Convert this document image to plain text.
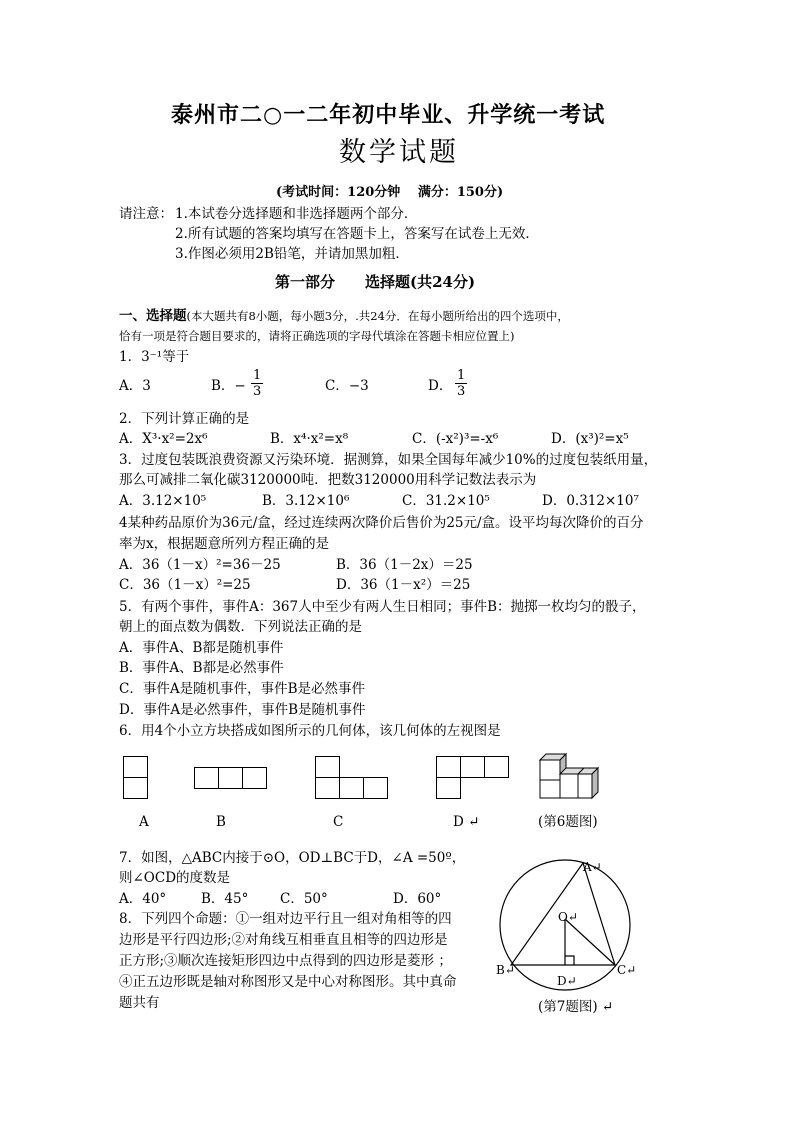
泰州市二○一二年初中毕业、升学统一考试
数学试题
(考试时间：120分钟　 满分：150分)
请注意： 1.本试卷分选择题和非选择题两个部分．
2.所有试题的答案均填写在答题卡上，答案写在试卷上无效．
3.作图必须用2B铅笔，并请加黑加粗．
第一部分　　选择题(共24分)
一、选择题(本大题共有8小题，每小题3分，.共24分．在每小题所给出的四个选项中，
恰有一项是符合题目要求的，请将正确选项的字母代填涂在答题卡相应位置上)
1．3⁻¹等于
A．3	B．−
1
3	C．−3	D．
1
3
2．下列计算正确的是
A．X³·x²=2x⁶	B．x⁴·x²=x⁸	C．(-x²)³=-x⁶	D．(x³)²=x⁵
3．过度包装既浪费资源又污染环境．据测算，如果全国每年减少10%的过度包装纸用量，
那么可减排二氧化碳3120000吨．把数3120000用科学记数法表示为
A．3.12×10⁵	B．3.12×10⁶	C．31.2×10⁵	D．0.312×10⁷
4某种药品原价为36元/盒，经过连续两次降价后售价为25元/盒。设平均每次降价的百分
率为x，根据题意所列方程正确的是
A．36（1－x）²=36－25	B．36（1－2x）＝25
C．36（1－x）²=25	D．36（1－x²）＝25
5．有两个事件，事件A：367人中至少有两人生日相同；事件B：抛掷一枚均匀的骰子，
朝上的面点数为偶数．下列说法正确的是
A．事件A、B都是随机事件
B．事件A、B都是必然事件
C．事件A是随机事件，事件B是必然事件
D．事件A是必然事件，事件B是随机事件
6．用4个小立方块搭成如图所示的几何体，该几何体的左视图是
A	B	C	D ↵	(第6题图)
7．如图，△ABC内接于⊙O，OD⊥BC于D，∠A =50º，
则∠OCD的度数是
A．40°	B．45° C．50°	D．60°
A↵
O↵
B↵	C↵
D↵
(第7题图) ↵
8．下列四个命题：①一组对边平行且一组对角相等的四
边形是平行四边形;②对角线互相垂直且相等的四边形是
正方形;③顺次连接矩形四边中点得到的四边形是菱形 ；
④正五边形既是轴对称图形又是中心对称图形。其中真命
题共有
